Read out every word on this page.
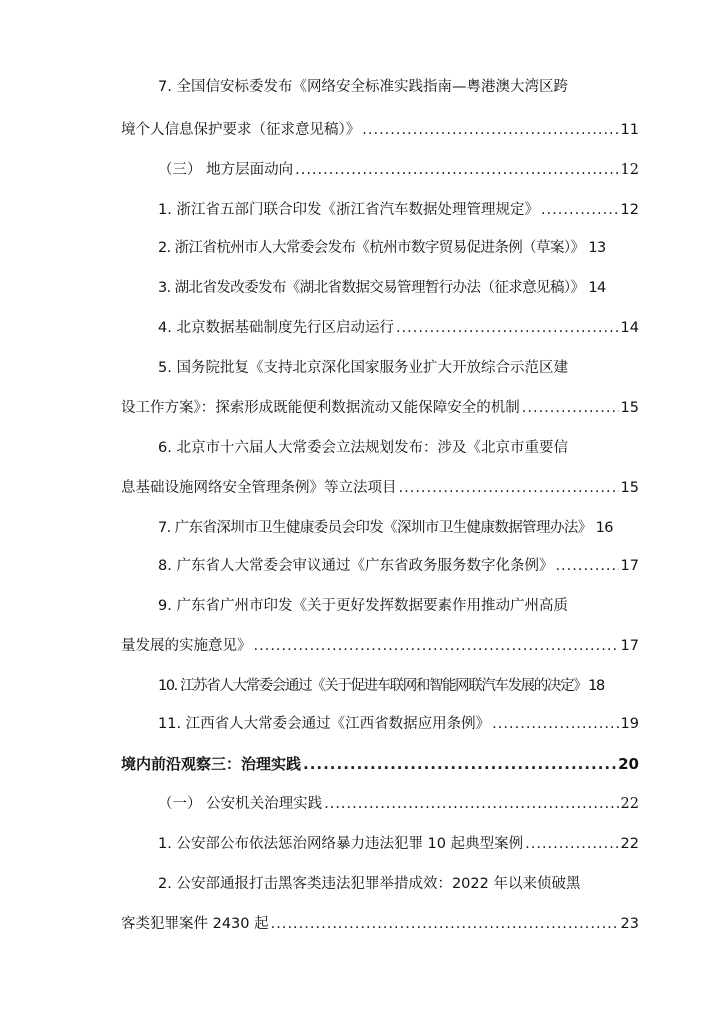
7. 全国信安标委发布《网络安全标准实践指南—粤港澳大湾区跨
境个人信息保护要求（征求意见稿）》 .....	11
（三） 地方层面动向 .....	12
1. 浙江省五部门联合印发《浙江省汽车数据处理管理规定》 .....	12
2. 浙江省杭州市人大常委会发布《杭州市数字贸易促进条例（草案）》 13
3. 湖北省发改委发布《湖北省数据交易管理暂行办法（征求意见稿）》 14
4. 北京数据基础制度先行区启动运行 .....	14
5. 国务院批复《支持北京深化国家服务业扩大开放综合示范区建
设工作方案》：探索形成既能便利数据流动又能保障安全的机制 .....	15
6. 北京市十六届人大常委会立法规划发布：涉及《北京市重要信
息基础设施网络安全管理条例》等立法项目 .....	15
7. 广东省深圳市卫生健康委员会印发《深圳市卫生健康数据管理办法》 16
8. 广东省人大常委会审议通过《广东省政务服务数字化条例》 .....	17
9. 广东省广州市印发《关于更好发挥数据要素作用推动广州高质
量发展的实施意见》 .....	17
10. 江苏省人大常委会通过《关于促进车联网和智能网联汽车发展的决定》 18
11. 江西省人大常委会通过《江西省数据应用条例》 .....	19
境内前沿观察三：治理实践 .....	20
（一） 公安机关治理实践 .....	22
1. 公安部公布依法惩治网络暴力违法犯罪 10 起典型案例 .....	22
2. 公安部通报打击黑客类违法犯罪举措成效：2022 年以来侦破黑
客类犯罪案件 2430 起 .....	23
